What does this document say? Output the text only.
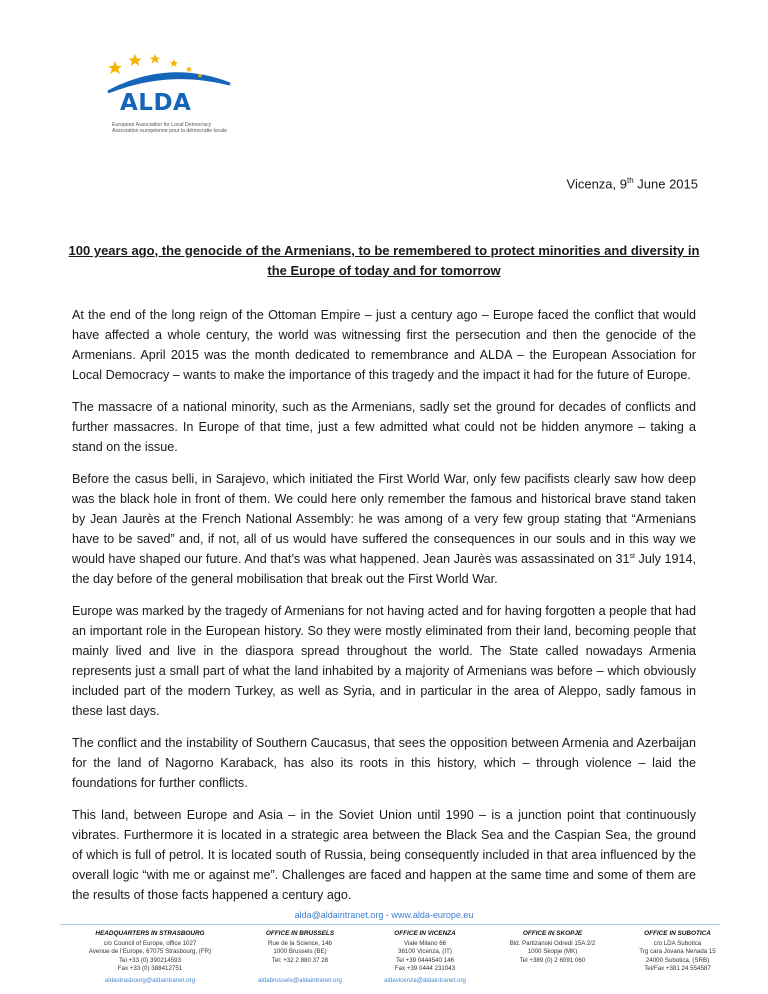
ALDA
European Association for Local Democracy
Association européenne pour la démocratie locale
Vicenza, 9th June 2015
100 years ago, the genocide of the Armenians, to be remembered to protect minorities and diversity in the Europe of today and for tomorrow

At the end of the long reign of the Ottoman Empire – just a century ago – Europe faced the conflict that would have affected a whole century, the world was witnessing first the persecution and then the genocide of the Armenians. April 2015 was the month dedicated to remembrance and ALDA – the European Association for Local Democracy – wants to make the importance of this tragedy and the impact it had for the future of Europe.

The massacre of a national minority, such as the Armenians, sadly set the ground for decades of conflicts and further massacres. In Europe of that time, just a few admitted what could not be hidden anymore – taking a stand on the issue.

Before the casus belli, in Sarajevo, which initiated the First World War, only few pacifists clearly saw how deep was the black hole in front of them. We could here only remember the famous and historical brave stand taken by Jean Jaurès at the French National Assembly: he was among of a very few group stating that “Armenians have to be saved” and, if not, all of us would have suffered the consequences in our souls and in this way we would have shaped our future. And that’s was what happened. Jean Jaurès was assassinated on 31st July 1914, the day before of the general mobilisation that break out the First World War.

Europe was marked by the tragedy of Armenians for not having acted and for having forgotten a people that had an important role in the European history. So they were mostly eliminated from their land, becoming people that mainly lived and live in the diaspora spread throughout the world. The State called nowadays Armenia represents just a small part of what the land inhabited by a majority of Armenians was before – which obviously included part of the modern Turkey, as well as Syria, and in particular in the area of Aleppo, sadly famous in these last days.

The conflict and the instability of Southern Caucasus, that sees the opposition between Armenia and Azerbaijan for the land of Nagorno Karaback, has also its roots in this history, which – through violence – laid the foundations for further conflicts.

This land, between Europe and Asia – in the Soviet Union until 1990 – is a junction point that continuously vibrates. Furthermore it is located in a strategic area between the Black Sea and the Caspian Sea, the ground of which is full of petrol. It is located south of Russia, being consequently included in that area influenced by the overall logic “with me or against me”. Challenges are faced and happen at the same time and some of them are the results of those facts happened a century ago.

alda@aldaintranet.org - www.alda-europe.eu
HEADQUARTERS IN STRASBOURG
c/o Council of Europe, office 1027
Avenue de l’Europe, 67075 Strasbourg, (FR)
Tel +33 (0) 390214593
Fax +33 (0) 388412751
aldastrasbourg@aldaintranet.org
OFFICE IN BRUSSELS
Rue de la Science, 14b
1000 Brussels (BE)
Tel: +32 2 880 37 28
aldabrussels@aldaintranet.org
OFFICE IN VICENZA
Viale Milano 66
36100 Vicenza, (IT)
Tel +39 0444540 146
Fax +39 0444 231043
aldavicenza@aldaintranet.org
OFFICE IN SKOPJE
Bld. Partizanski Odredi 15A 2/2
1000 Skopje (MK)
Tel +389 (0) 2 6091 060
OFFICE IN SUBOTICA
c/o LDA Subotica
Trg cara Jovana Nenada 15
24000 Subotica, (SRB)
Tel/Fax +381 24 554587
